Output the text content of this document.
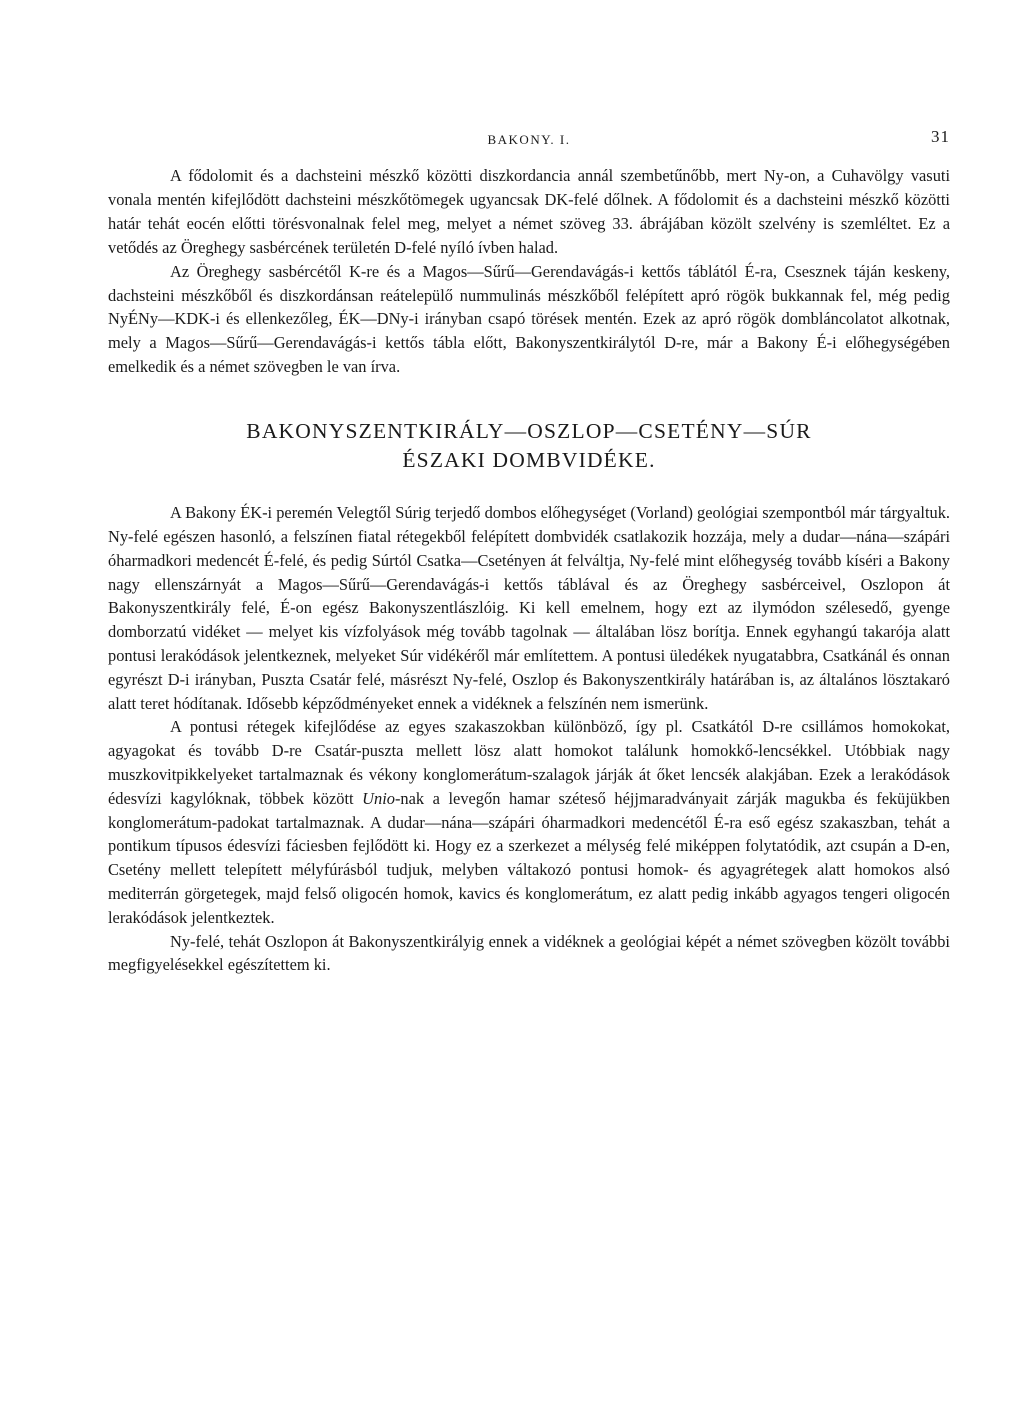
BAKONY. I.	31

A fődolomit és a dachsteini mészkő közötti diszkordancia annál szembetűnőbb, mert Ny-on, a Cuhavölgy vasuti vonala mentén kifejlődött dachsteini mészkőtömegek ugyancsak DK-felé dőlnek. A fődolomit és a dachsteini mészkő közötti határ tehát eocén előtti törésvonalnak felel meg, melyet a német szöveg 33. ábrájában közölt szelvény is szemléltet. Ez a vetődés az Öreghegy sasbércének területén D-felé nyíló ívben halad.

Az Öreghegy sasbércétől K-re és a Magos—Sűrű—Gerendavágás-i kettős táblától É-ra, Csesznek táján keskeny, dachsteini mészkőből és diszkordánsan reátelepülő nummulinás mészkőből felépített apró rögök bukkannak fel, még pedig NyÉNy—KDK-i és ellenkezőleg, ÉK—DNy-i irányban csapó törések mentén. Ezek az apró rögök dombláncolatot alkotnak, mely a Magos—Sűrű—Gerendavágás-i kettős tábla előtt, Bakonyszentkirálytól D-re, már a Bakony É-i előhegységében emelkedik és a német szövegben le van írva.

BAKONYSZENTKIRÁLY—OSZLOP—CSETÉNY—SÚR
ÉSZAKI DOMBVIDÉKE.

A Bakony ÉK-i peremén Velegtől Súrig terjedő dombos előhegységet (Vorland) geológiai szempontból már tárgyaltuk. Ny-felé egészen hasonló, a felszínen fiatal rétegekből felépített dombvidék csatlakozik hozzája, mely a dudar—nána—szápári óharmadkori medencét É-felé, és pedig Súrtól Csatka—Csetényen át felváltja, Ny-felé mint előhegység tovább kíséri a Bakony nagy ellenszárnyát a Magos—Sűrű—Gerendavágás-i kettős táblával és az Öreghegy sasbérceivel, Oszlopon át Bakonyszentkirály felé, É-on egész Bakonyszentlászlóig. Ki kell emelnem, hogy ezt az ilymódon szélesedő, gyenge domborzatú vidéket — melyet kis vízfolyások még tovább tagolnak — általában lösz borítja. Ennek egyhangú takarója alatt pontusi lerakódások jelentkeznek, melyeket Súr vidékéről már említettem. A pontusi üledékek nyugatabbra, Csatkánál és onnan egyrészt D-i irányban, Puszta Csatár felé, másrészt Ny-felé, Oszlop és Bakonyszentkirály határában is, az általános lösztakaró alatt teret hódítanak. Idősebb képződményeket ennek a vidéknek a felszínén nem ismerünk.

A pontusi rétegek kifejlődése az egyes szakaszokban különböző, így pl. Csatkától D-re csillámos homokokat, agyagokat és tovább D-re Csatár-puszta mellett lösz alatt homokot találunk homokkő-lencsékkel. Utóbbiak nagy muszkovitpikkelyeket tartalmaznak és vékony konglomerátum-szalagok járják át őket lencsék alakjában. Ezek a lerakódások édesvízi kagylóknak, többek között Unio-nak a levegőn hamar széteső héjjmaradványait zárják magukba és feküjükben konglomerátum-padokat tartalmaznak. A dudar—nána—szápári óharmadkori medencétől É-ra eső egész szakaszban, tehát a pontikum típusos édesvízi fáciesben fejlődött ki. Hogy ez a szerkezet a mélység felé miképpen folytatódik, azt csupán a D-en, Csetény mellett telepített mélyfúrásból tudjuk, melyben váltakozó pontusi homok- és agyagrétegek alatt homokos alsó mediterrán görgetegek, majd felső oligocén homok, kavics és konglomerátum, ez alatt pedig inkább agyagos tengeri oligocén lerakódások jelentkeztek.

Ny-felé, tehát Oszlopon át Bakonyszentkirályig ennek a vidéknek a geológiai képét a német szövegben közölt további megfigyelésekkel egészítettem ki.
